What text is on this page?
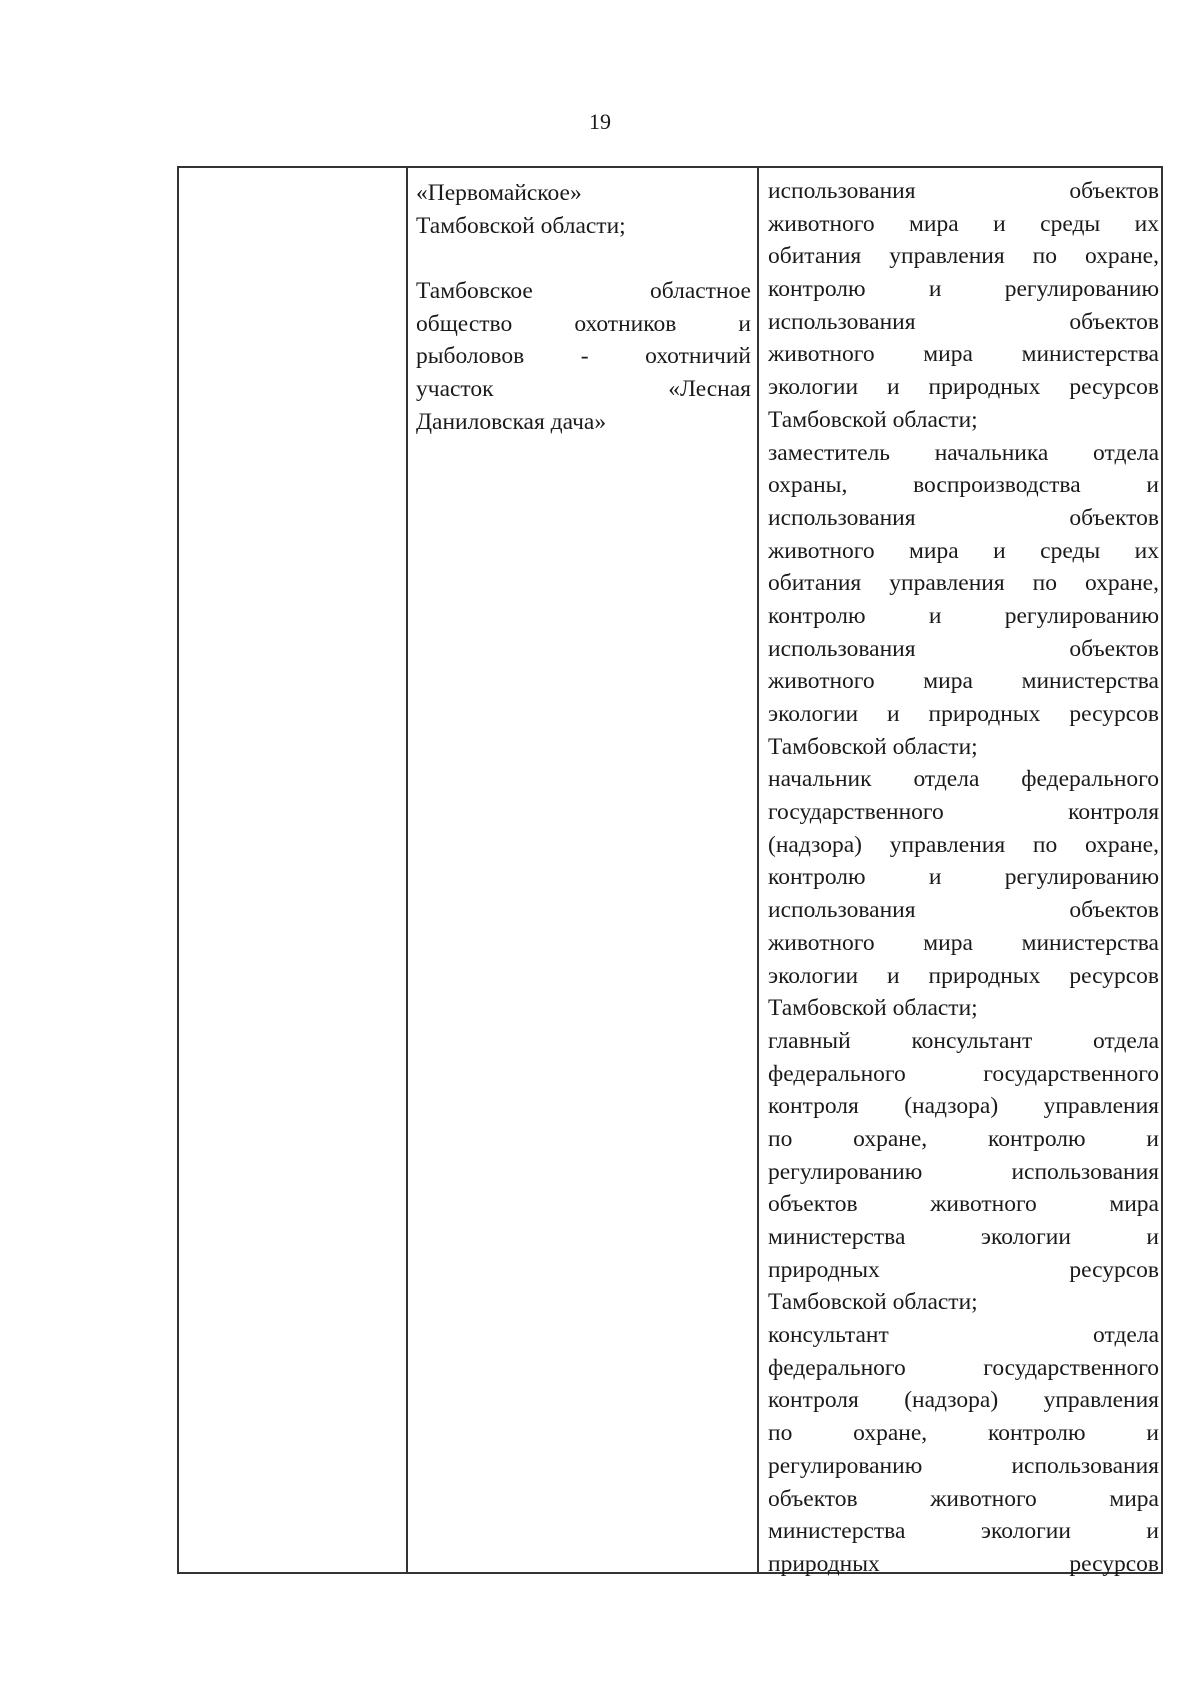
19
«Первомайское»
Тамбовской области;
Тамбовское областное
общество охотников и
рыболовов - охотничий
участок «Лесная
Даниловская дача»
использования объектов
животного мира и среды их
обитания управления по охране,
контролю и регулированию
использования объектов
животного мира министерства
экологии и природных ресурсов
Тамбовской области;
заместитель начальника отдела
охраны, воспроизводства и
использования объектов
животного мира и среды их
обитания управления по охране,
контролю и регулированию
использования объектов
животного мира министерства
экологии и природных ресурсов
Тамбовской области;
начальник отдела федерального
государственного контроля
(надзора) управления по охране,
контролю и регулированию
использования объектов
животного мира министерства
экологии и природных ресурсов
Тамбовской области;
главный консультант отдела
федерального государственного
контроля (надзора) управления
по охране, контролю и
регулированию использования
объектов животного мира
министерства экологии и
природных ресурсов
Тамбовской области;
консультант отдела
федерального государственного
контроля (надзора) управления
по охране, контролю и
регулированию использования
объектов животного мира
министерства экологии и
природных ресурсов
